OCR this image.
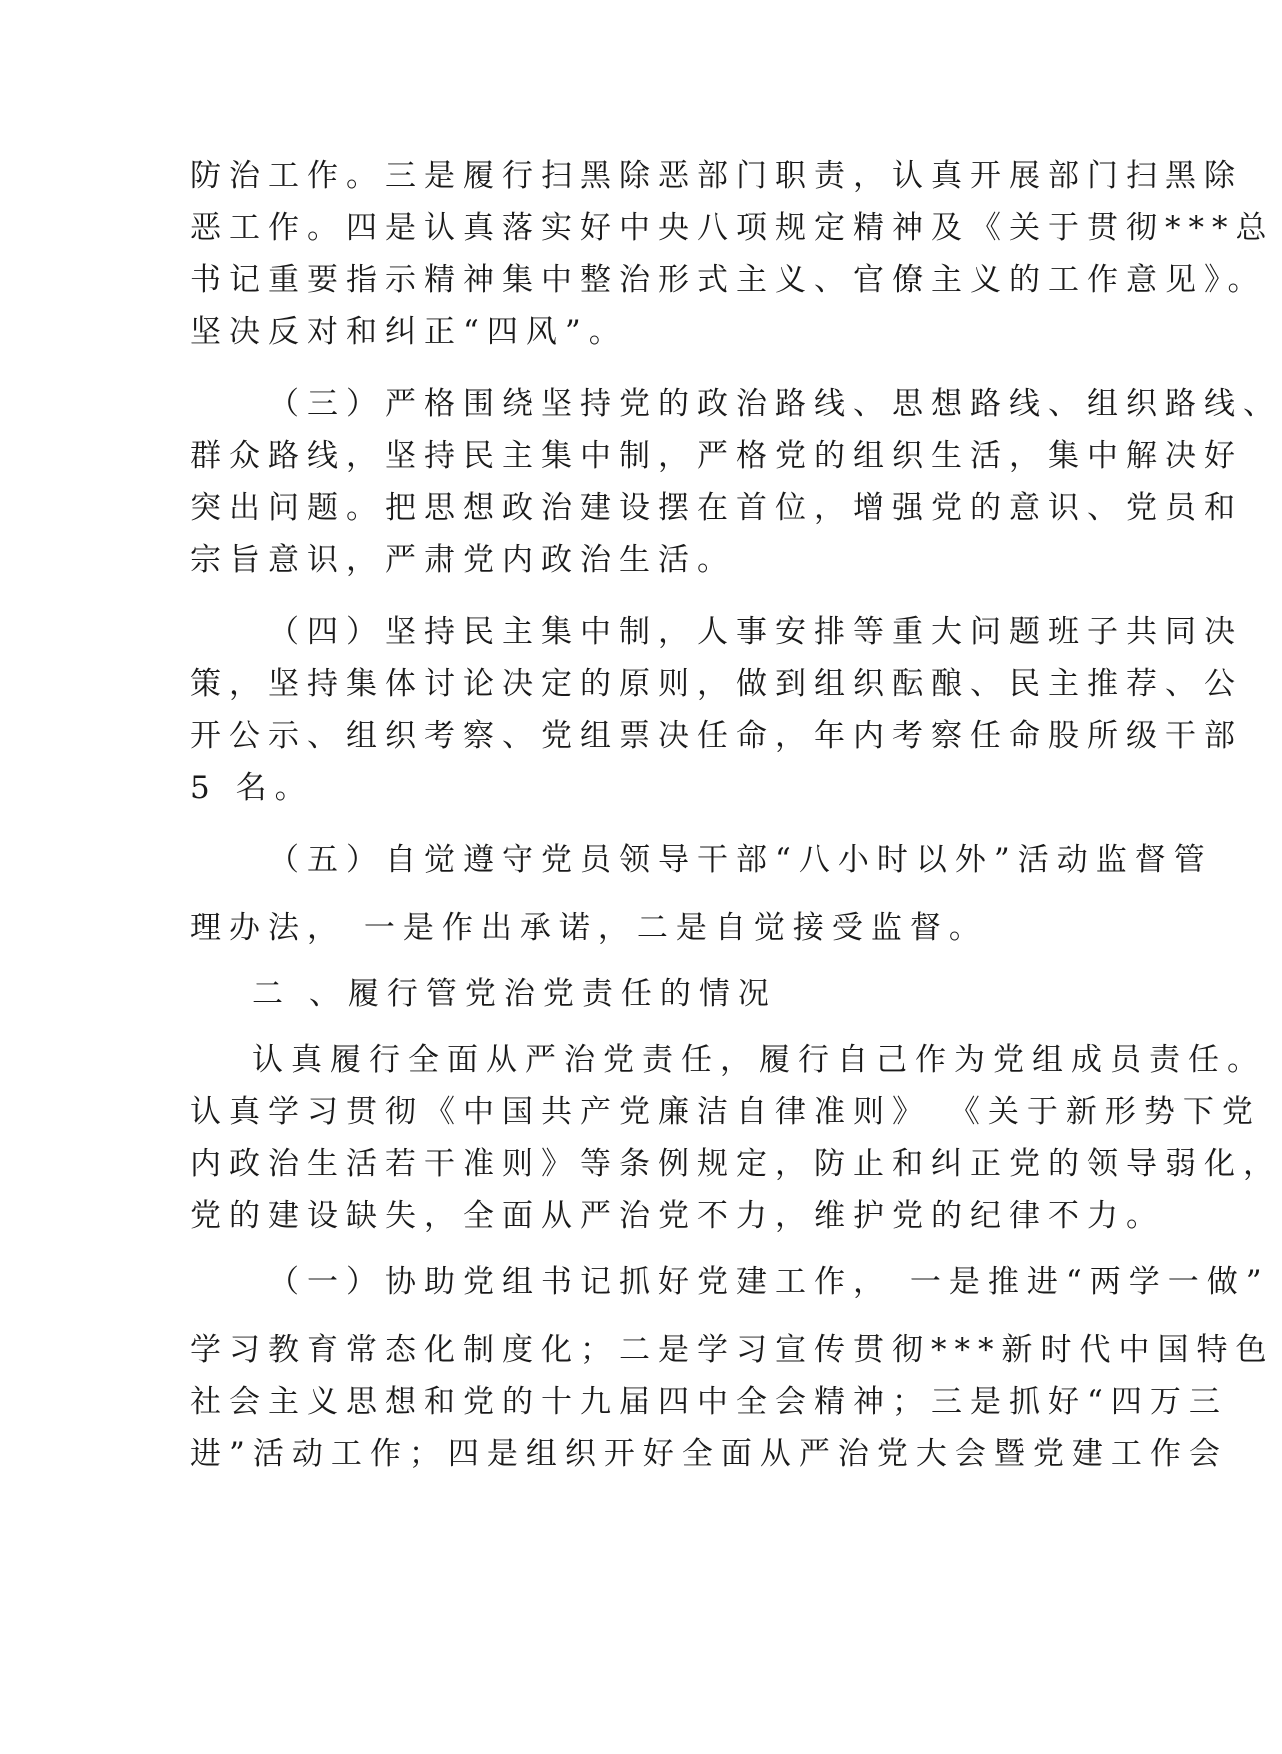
防治工作。三是履行扫黑除恶部门职责，认真开展部门扫黑除
恶工作。四是认真落实好中央八项规定精神及《关于贯彻***总
书记重要指示精神集中整治形式主义、官僚主义的工作意见》。
坚决反对和纠正“四风”。
（三）严格围绕坚持党的政治路线、思想路线、组织路线、
群众路线，坚持民主集中制，严格党的组织生活，集中解决好
突出问题。把思想政治建设摆在首位，增强党的意识、党员和
宗旨意识，严肃党内政治生活。
（四）坚持民主集中制，人事安排等重大问题班子共同决
策，坚持集体讨论决定的原则，做到组织酝酿、民主推荐、公
开公示、组织考察、党组票决任命，年内考察任命股所级干部
5 名。
（五）自觉遵守党员领导干部“八小时以外”活动监督管
理办法， 一是作出承诺，二是自觉接受监督。
二 、履行管党治党责任的情况
认真履行全面从严治党责任，履行自己作为党组成员责任。
认真学习贯彻《中国共产党廉洁自律准则》 《关于新形势下党
内政治生活若干准则》等条例规定，防止和纠正党的领导弱化，
党的建设缺失，全面从严治党不力，维护党的纪律不力。
（一）协助党组书记抓好党建工作， 一是推进“两学一做”
学习教育常态化制度化；二是学习宣传贯彻***新时代中国特色
社会主义思想和党的十九届四中全会精神；三是抓好“四万三
进”活动工作；四是组织开好全面从严治党大会暨党建工作会
